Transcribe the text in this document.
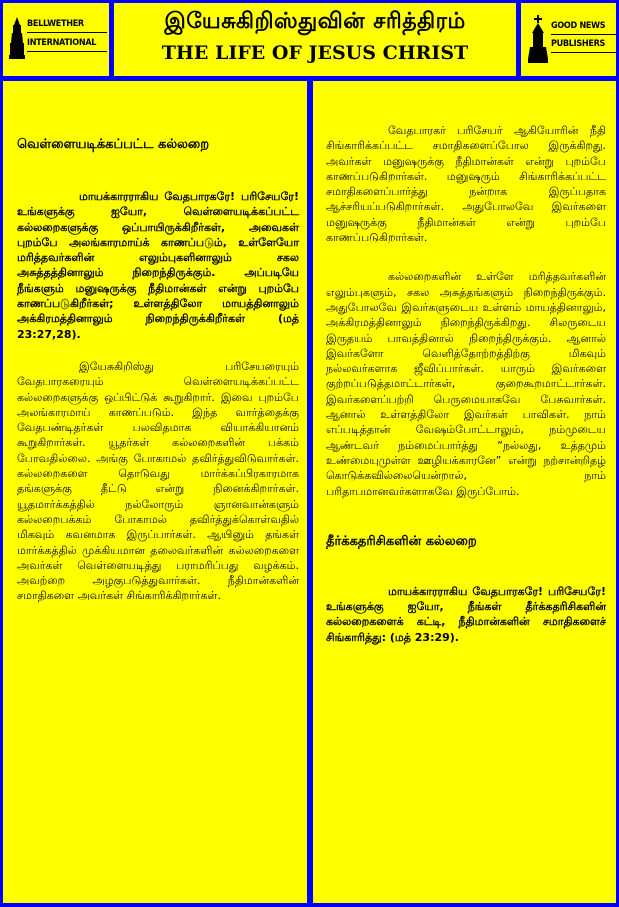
BELLWETHER
INTERNATIONAL
இயேசுகிறிஸ்துவின் சரித்திரம்
THE LIFE OF JESUS CHRIST
GOOD NEWS
PUBLISHERS
வெள்ளையடிக்கப்பட்ட கல்லறை

மாயக்காரராகிய வேதபாரகரே! பரிசேயரே! உங்களுக்கு ஐயோ, வெள்ளையடிக்கப்பட்ட கல்லறைகளுக்கு ஒப்பாயிருக்கிறீர்கள், அவைகள் புறம்பே அலங்காரமாய்க் காணப்படும், உள்ளேயோ மரித்தவர்களின் எலும்புகளினாலும் சகல அசுத்தத்தினாலும் நிறைந்திருக்கும். அப்படியே நீங்களும் மனுஷருக்கு நீதிமான்கள் என்று புறம்பே காணப்படுகிறீர்கள்; உள்ளத்திலோ மாயத்தினாலும் அக்கிரமத்தினாலும் நிறைந்திருக்கிறீர்கள் (மத் 23:27,28).

இயேசுகிறிஸ்து பரிசேயரையும் வேதபாரகரையும் வெள்ளையடிக்கப்பட்ட கல்லறைகளுக்கு ஒப்பிட்டுக் கூறுகிறார். இவை புறம்பே அலங்காரமாய் காணப்படும். இந்த வார்த்தைக்கு வேதபண்டிதர்கள் பலவிதமாக வியாக்கியானம் கூறுகிறார்கள். யூதர்கள் கல்லறைகளின் பக்கம் போவதில்லை. அங்கு போகாமல் தவிர்த்துவிடுவார்கள். கல்லறைகளை தொடுவது மார்க்கப்பிரகாரமாக தங்களுக்கு தீட்டு என்று நினைக்கிறார்கள். யூதமார்க்கத்தில் நல்லோரும் ஞானவான்களும் கல்லறைபக்கம் போகாமல் தவிர்த்துக்கொள்வதில் மிகவும் கவனமாக இருப்பார்கள். ஆயினும் தங்கள் மார்க்கத்தில் முக்கியமான தலைவர்களின் கல்லறைகளை அவர்கள் வெள்ளையடித்து பராமரிப்பது வழக்கம். அவற்றை அழகுபடுத்துவார்கள். நீதிமான்களின் சமாதிகளை அவர்கள் சிங்காரிக்கிறார்கள்.

வேதபாரகர் பரிசேயர் ஆகியோரின் நீதி சிங்காரிக்கப்பட்ட சமாதிகளைப்போல இருக்கிறது. அவர்கள் மனுஷருக்கு நீதிமான்கள் என்று புறம்பே காணப்படுகிறார்கள். மனுஷரும் சிங்காரிக்கப்பட்ட சமாதிகளைப்பார்த்து நன்றாக இருப்பதாக ஆச்சரியப்படுகிறார்கள். அதுபோலவே இவர்களை மனுஷருக்கு நீதிமான்கள் என்று புறம்பே காணப்படுகிறார்கள்.

கல்லறைகளின் உள்ளே மரித்தவர்களின் எலும்புகளும், சகல அசுத்தங்களும் நிறைந்திருக்கும். அதுபோலவே இவர்களுடைய உள்ளம் மாயத்தினாலும், அக்கிரமத்தினாலும் நிறைந்திருக்கிறது. சிலருடைய இருதயம் பாவத்தினால் நிறைந்திருக்கும். ஆனால் இவர்களோ வெளித்தோற்றத்திற்கு மிகவும் நல்லவர்களாக ஜீவிப்பார்கள். யாரும் இவர்களை குற்றப்படுத்தமாட்டார்கள், குறைகூறமாட்டார்கள். இவர்களைப்பற்றி பெருமையாகவே பேசுவார்கள். ஆனால் உள்ளத்திலோ இவர்கள் பாவிகள். நாம் எப்படித்தான் வேஷம்போட்டாலும், நம்முடைய ஆண்டவர் நம்மைப்பார்த்து “நல்லது, உத்தமும் உண்மையுமுள்ள ஊழியக்காரனே” என்று நற்சான்றிதழ் கொடுக்கவில்லையென்றால், நாம் பரிதாபமானவர்களாகவே இருப்போம்.

தீர்க்கதரிசிகளின் கல்லறை

மாயக்காரராகிய வேதபாரகரே! பரிசேயரே! உங்களுக்கு ஐயோ, நீங்கள் தீர்க்கதரிசிகளின் கல்லறைகளைக் கட்டி, நீதிமான்களின் சமாதிகளைச் சிங்காரித்து: (மத் 23:29).
